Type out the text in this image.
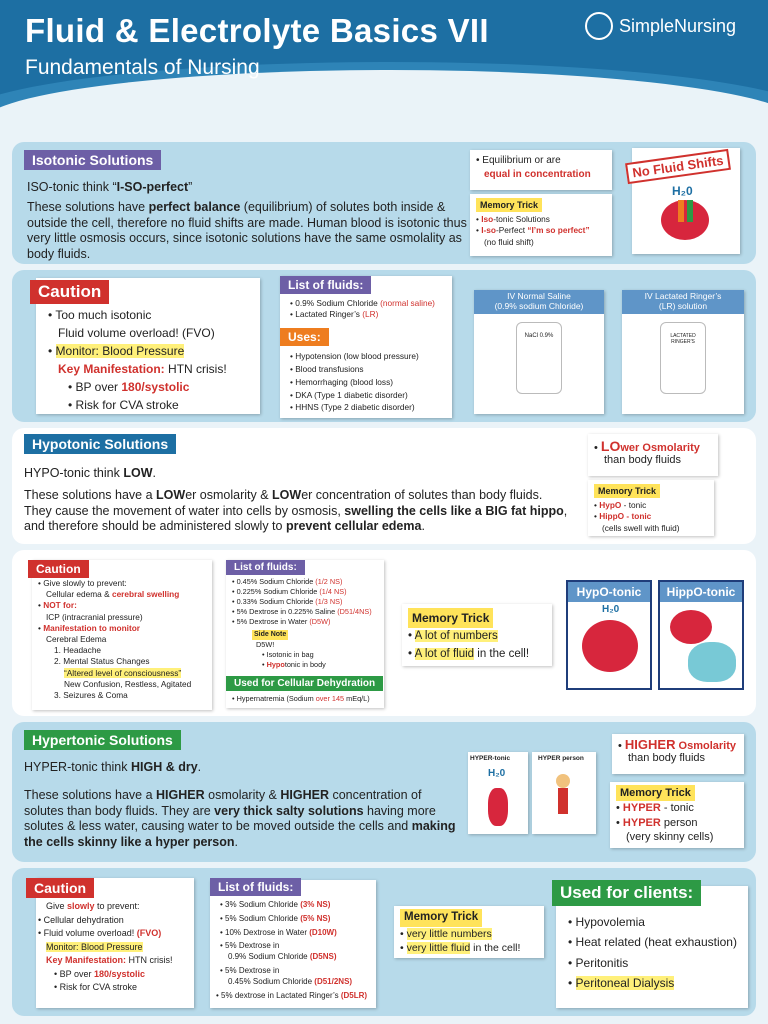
Fluid & Electrolyte Basics VII
Fundamentals of Nursing
SimpleNursing
Isotonic Solutions
ISO-tonic think “I-SO-perfect”
These solutions have perfect balance (equilibrium) of solutes both inside & outside the cell, therefore no fluid shifts are made. Human blood is isotonic thus very little osmosis occurs, since isotonic solutions have the same osmolality as body fluids.
• Equilibrium or are
equal in concentration
Memory Trick
• Iso-tonic Solutions
• I-so-Perfect “I’m so perfect”
(no fluid shift)
No Fluid Shifts
H₂0
Caution
• Too much isotonic
Fluid volume overload! (FVO)
• Monitor: Blood Pressure
Key Manifestation: HTN crisis!
• BP over 180/systolic
• Risk for CVA stroke
List of fluids:
• 0.9% Sodium Chloride (normal saline)
• Lactated Ringer’s (LR)
Uses:
• Hypotension (low blood pressure)
• Blood transfusions
• Hemorrhaging (blood loss)
• DKA (Type 1 diabetic disorder)
• HHNS (Type 2 diabetic disorder)
IV Normal Saline
(0.9% sodium Chloride)
NaCl 0.9%
IV Lactated Ringer’s
(LR) solution
LACTATED RINGER'S
Hypotonic Solutions
HYPO-tonic think LOW.
These solutions have a LOWer osmolarity & LOWer concentration of solutes than body fluids. They cause the movement of water into cells by osmosis, swelling the cells like a BIG fat hippo, and therefore should be administered slowly to prevent cellular edema.
• LOwer Osmolarity
than body fluids
Memory Trick
• HypO - tonic
• HippO - tonic
(cells swell with fluid)
Caution
• Give slowly to prevent:
Cellular edema & cerebral swelling
• NOT for:
ICP (intracranial pressure)
• Manifestation to monitor
Cerebral Edema
1. Headache
2. Mental Status Changes
“Altered level of consciousness”
New Confusion, Restless, Agitated
3. Seizures & Coma
List of fluids:
• 0.45% Sodium Chloride (1/2 NS)
• 0.225% Sodium Chloride (1/4 NS)
• 0.33% Sodium Chloride (1/3 NS)
• 5% Dextrose in 0.225% Saline (D51/4NS)
• 5% Dextrose in Water (D5W)
Side Note
D5W!
• Isotonic in bag
• Hypotonic in body
Used for Cellular Dehydration
• Hypernatremia (Sodium over 145 mEq/L)
Memory Trick
• A lot of numbers
• A lot of fluid in the cell!
HypO-tonic
H₂0
HippO-tonic
Hypertonic Solutions
HYPER-tonic think HIGH & dry.
These solutions have a HIGHER osmolarity & HIGHER concentration of solutes than body fluids. They are very thick salty solutions having more solutes & less water, causing water to be moved outside the cells and making the cells skinny like a hyper person.
HYPER-tonic
H₂0
HYPER person
• HIGHER Osmolarity
than body fluids
Memory Trick
• HYPER - tonic
• HYPER person
(very skinny cells)
Caution
Give slowly to prevent:
• Cellular dehydration
• Fluid volume overload! (FVO)
Monitor: Blood Pressure
Key Manifestation: HTN crisis!
• BP over 180/systolic
• Risk for CVA stroke
List of fluids:
• 3% Sodium Chloride (3% NS)
• 5% Sodium Chloride (5% NS)
• 10% Dextrose in Water (D10W)
• 5% Dextrose in
0.9% Sodium Chloride (D5NS)
• 5% Dextrose in
0.45% Sodium Chloride (D51/2NS)
• 5% dextrose in Lactated Ringer’s (D5LR)
Memory Trick
• very little numbers
• very little fluid in the cell!
Used for clients:
• Hypovolemia
• Heat related (heat exhaustion)
• Peritonitis
• Peritoneal Dialysis
